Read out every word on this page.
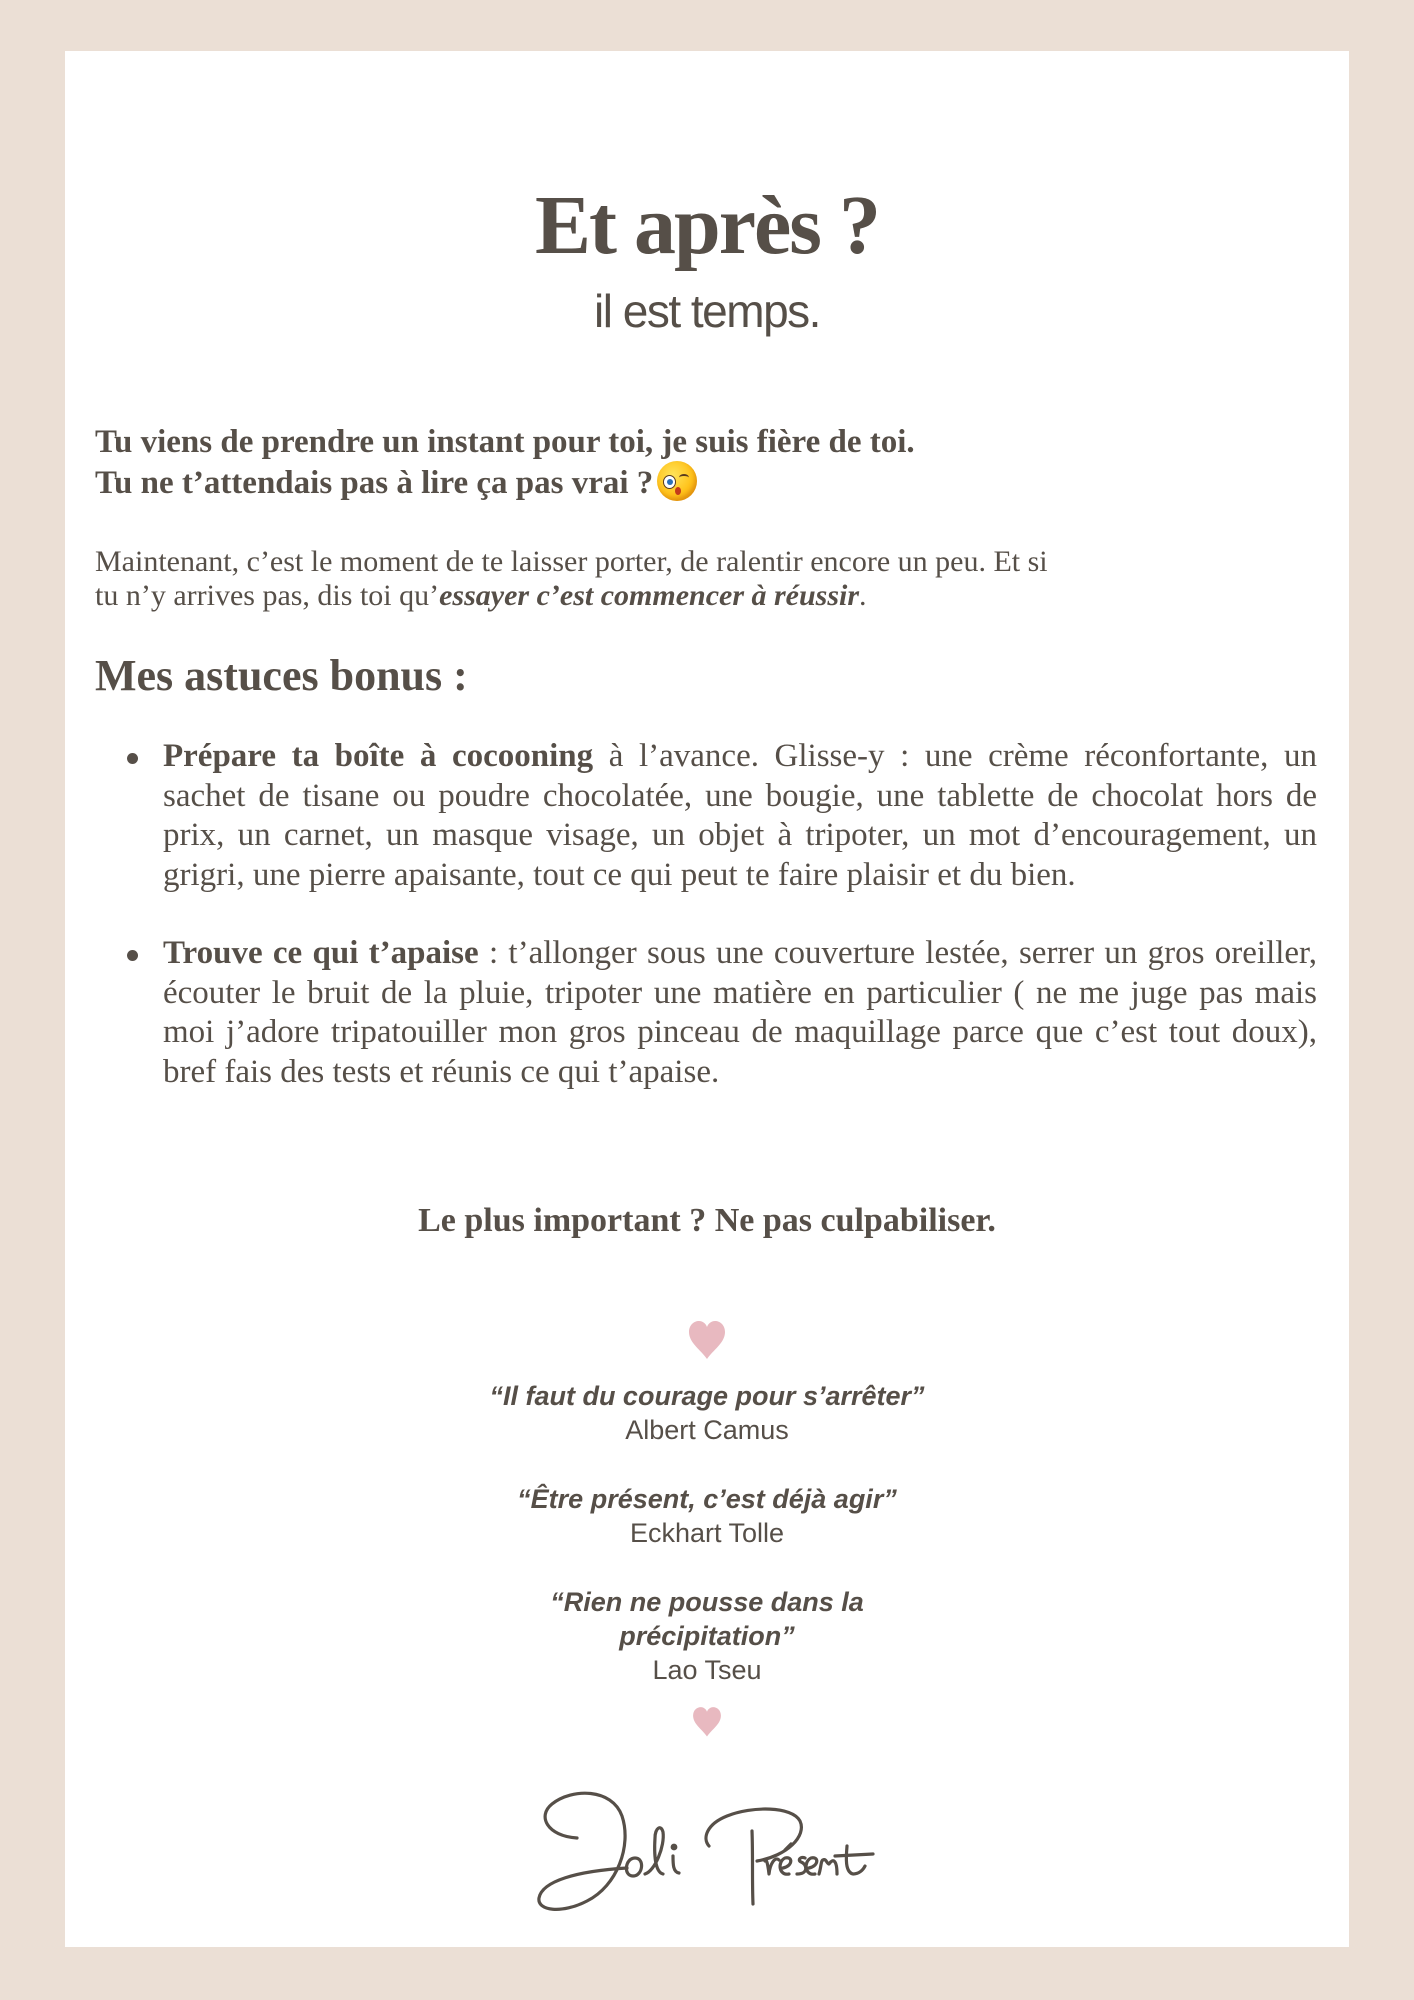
Et après ?

il est temps.

Tu viens de prendre un instant pour toi, je suis fière de toi.
Tu ne t’attendais pas à lire ça pas vrai ?

Maintenant, c’est le moment de te laisser porter, de ralentir encore un peu. Et si
tu n’y arrives pas, dis toi qu’essayer c’est commencer à réussir.

Mes astuces bonus :
Prépare ta boîte à cocooning à l’avance. Glisse-y : une crème réconfortante, un sachet de tisane ou poudre chocolatée, une bougie, une tablette de chocolat hors de prix, un carnet, un masque visage, un objet à tripoter, un mot d’encouragement, un grigri, une pierre apaisante, tout ce qui peut te faire plaisir et du bien.
Trouve ce qui t’apaise : t’allonger sous une couverture lestée, serrer un gros oreiller, écouter le bruit de la pluie, tripoter une matière en particulier ( ne me juge pas mais moi j’adore tripatouiller mon gros pinceau de maquillage parce que c’est tout doux), bref fais des tests et réunis ce qui t’apaise.

Le plus important ? Ne pas culpabiliser.

“Il faut du courage pour s’arrêter”
Albert Camus
“Être présent, c’est déjà agir”
Eckhart Tolle
“Rien ne pousse dans la précipitation”
Lao Tseu
